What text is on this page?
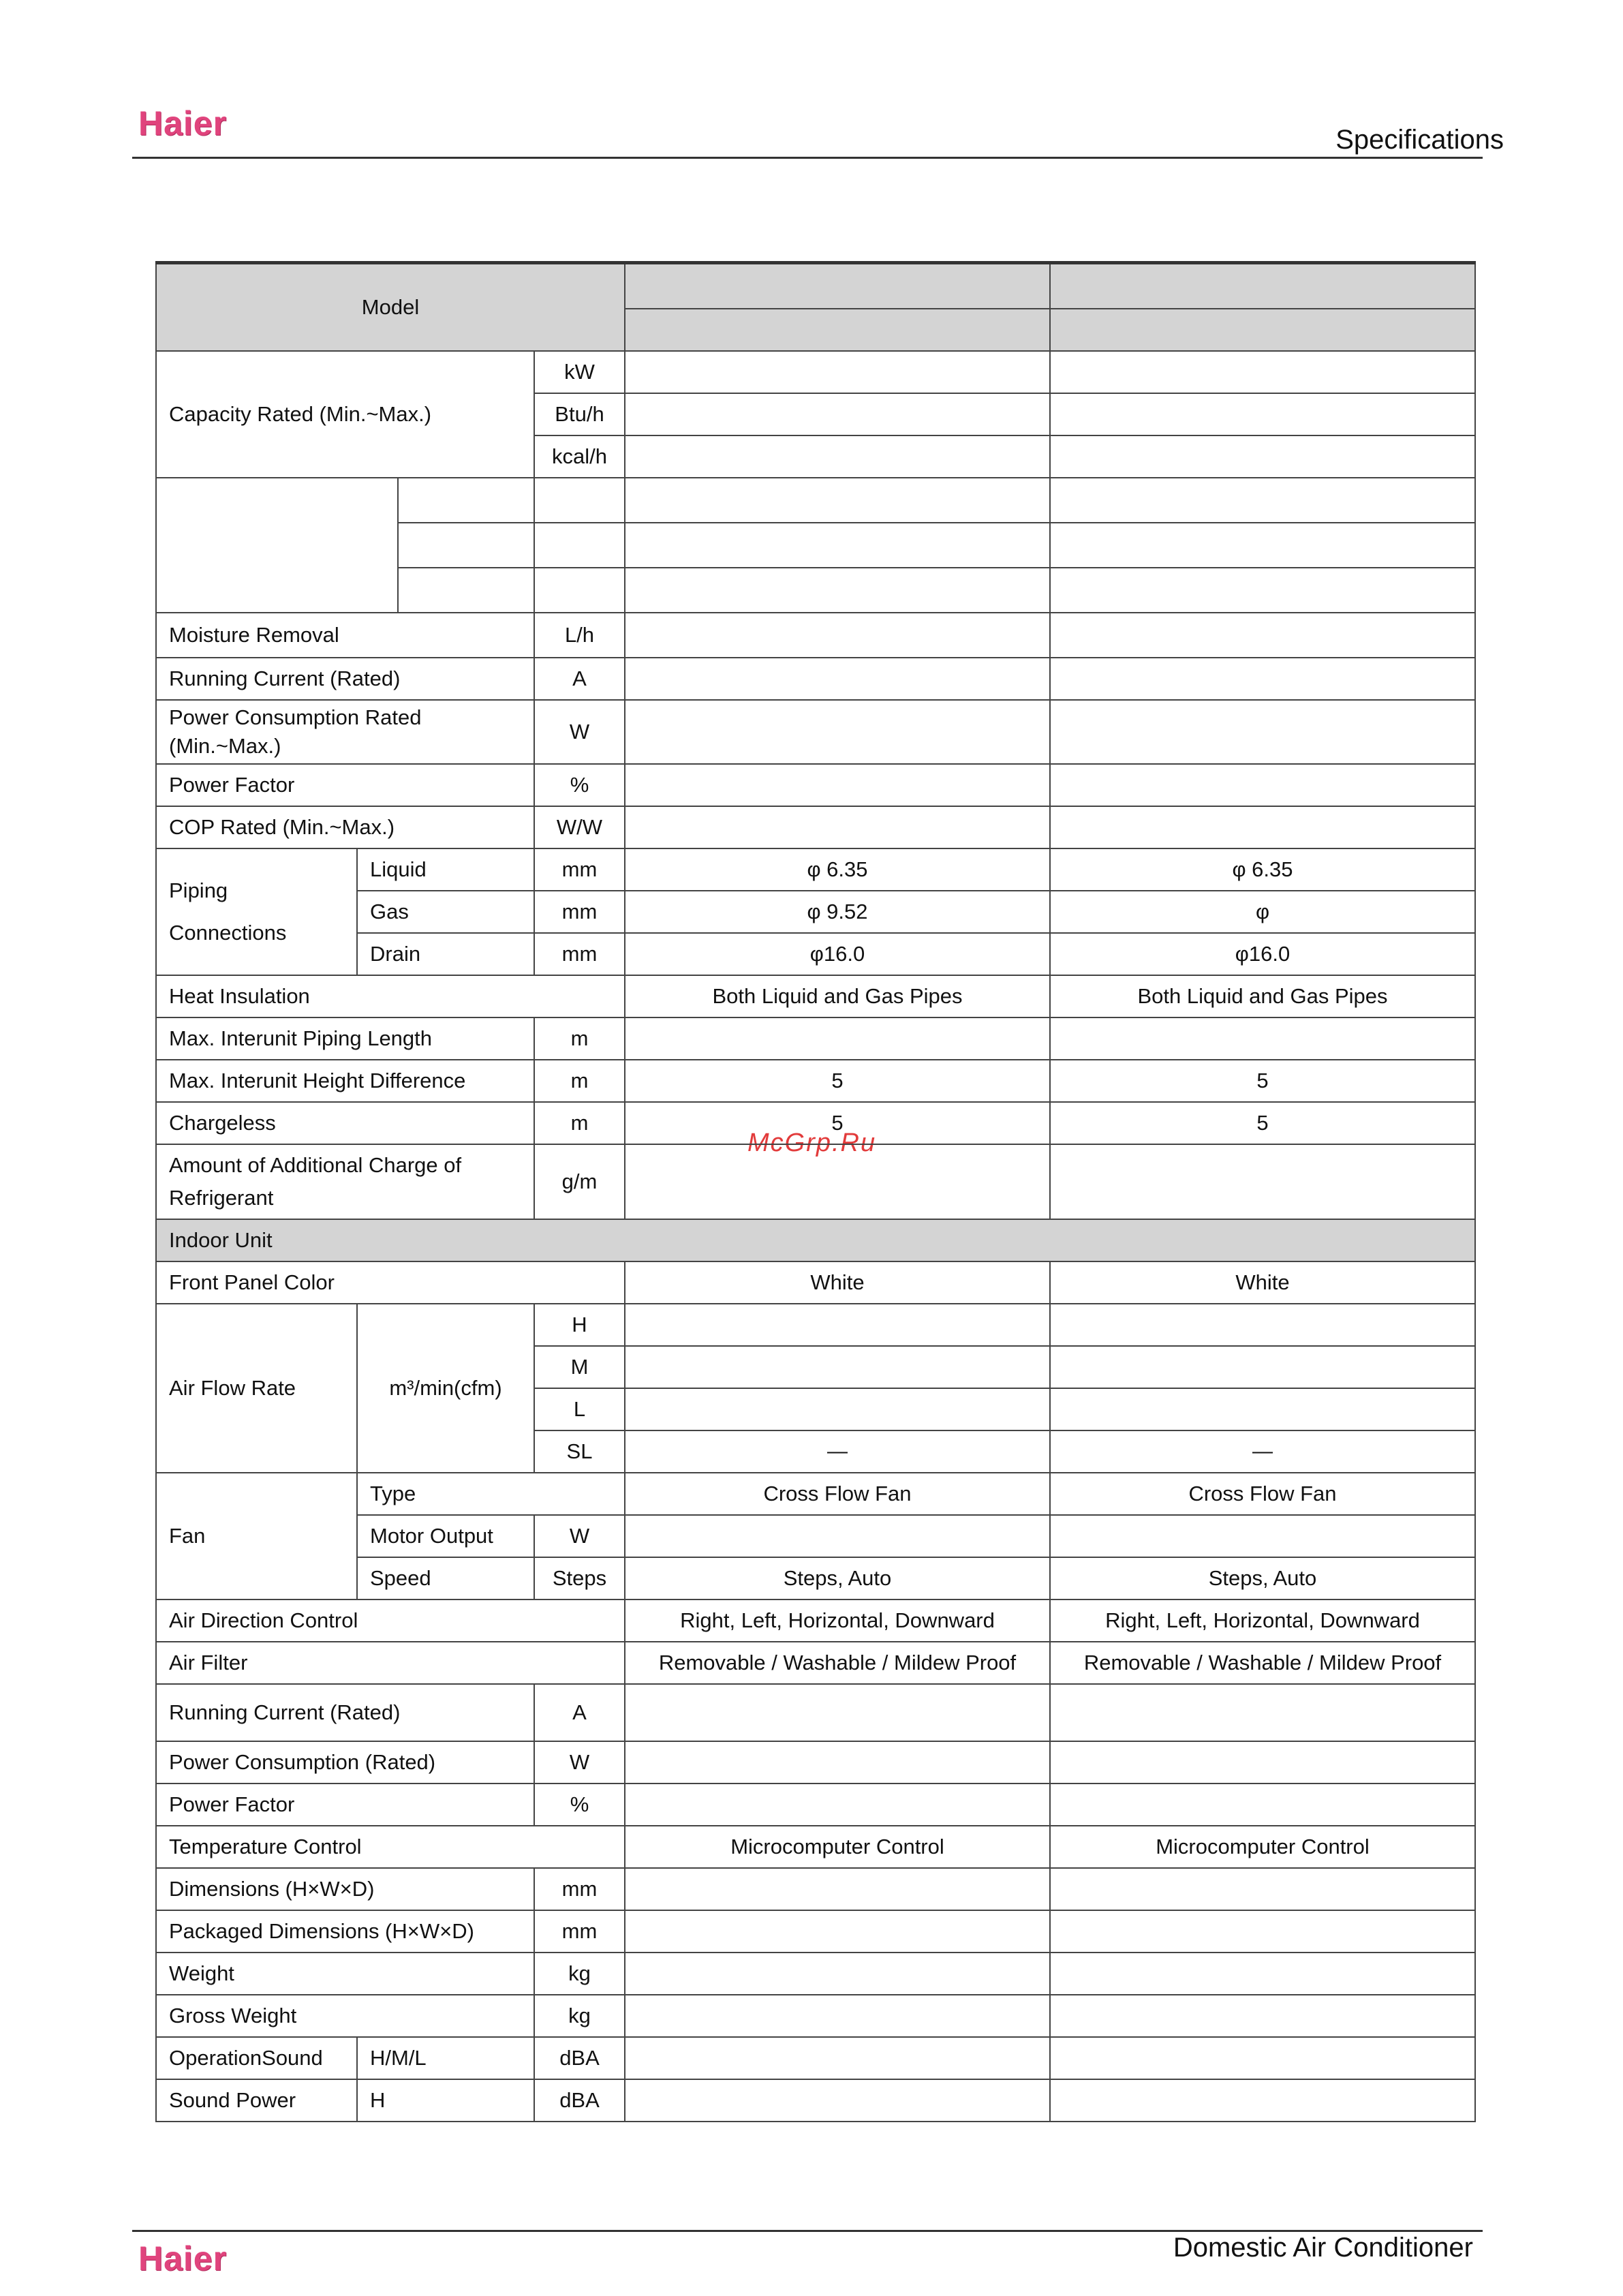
Haier	Specifications
McGrp.Ru
Model					

Capacity Rated (Min.~Max.)			kW		
			Btu/h		
			kcal/h		

Moisture Removal			L/h		
Running Current (Rated)			A		
Power Consumption Rated (Min.~Max.)			W		
Power Factor			%		
COP Rated (Min.~Max.)			W/W		
Piping Connections	Liquid		mm	φ 6.35	φ 6.35
	Gas		mm	φ 9.52	φ
	Drain		mm	φ16.0	φ16.0
Heat Insulation				Both Liquid and Gas Pipes	Both Liquid and Gas Pipes
Max. Interunit Piping Length			m		
Max. Interunit Height Difference			m	5	5
Chargeless			m	5	5
Amount of Additional Charge of Refrigerant			g/m		
Indoor Unit					
Front Panel Color				White	White
Air Flow Rate	m³/min(cfm)		H		
			M		
			L		
			SL	—	—
Fan	Type			Cross Flow Fan	Cross Flow Fan
	Motor Output		W		
	Speed		Steps	Steps, Auto	Steps, Auto
Air Direction Control				Right, Left, Horizontal, Downward	Right, Left, Horizontal, Downward
Air Filter				Removable / Washable / Mildew Proof	Removable / Washable / Mildew Proof
Running Current (Rated)			A		
Power Consumption (Rated)			W		
Power Factor			%		
Temperature Control				Microcomputer Control	Microcomputer Control
Dimensions (H×W×D)			mm		
Packaged Dimensions (H×W×D)			mm		
Weight			kg		
Gross Weight			kg		
OperationSound	H/M/L		dBA		
Sound Power	H		dBA		
Haier	Domestic Air Conditioner
